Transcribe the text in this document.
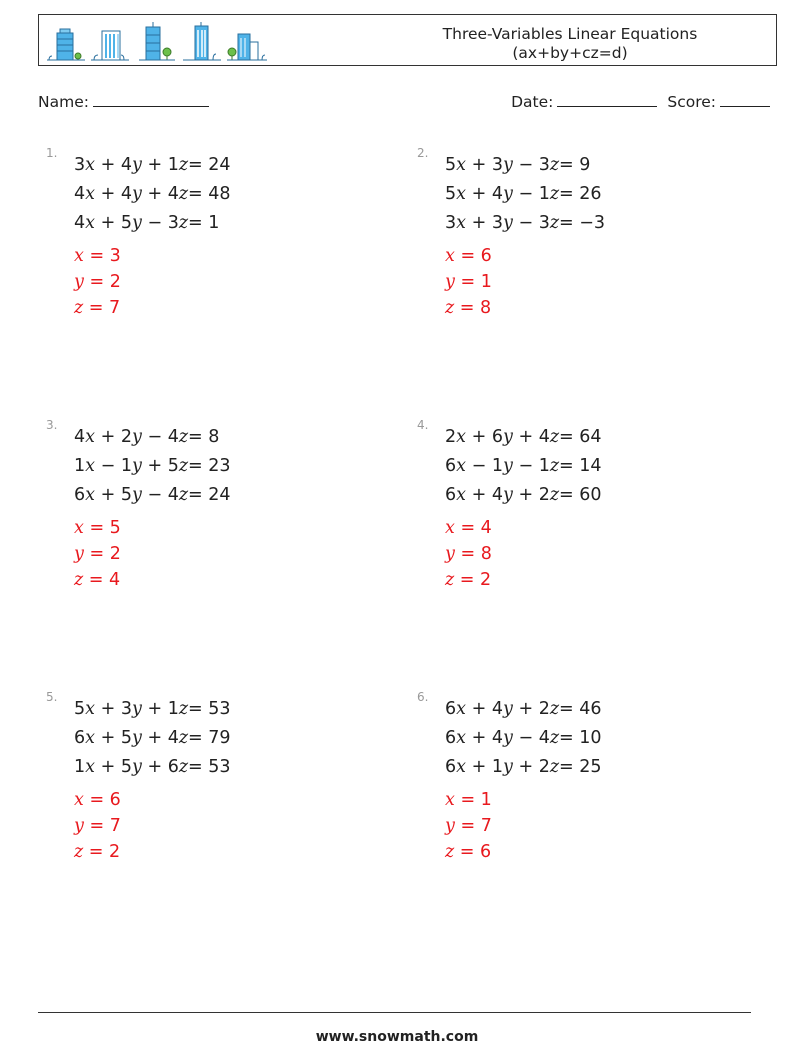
Three-Variables Linear Equations
(ax+by+cz=d)
Name:	Date:	Score:
1.
3x + 4y + 1z= 24
4x + 4y + 4z= 48
4x + 5y − 3z= 1
x = 3
y = 2
z = 7
2.
5x + 3y − 3z= 9
5x + 4y − 1z= 26
3x + 3y − 3z= −3
x = 6
y = 1
z = 8
3.
4x + 2y − 4z= 8
1x − 1y + 5z= 23
6x + 5y − 4z= 24
x = 5
y = 2
z = 4
4.
2x + 6y + 4z= 64
6x − 1y − 1z= 14
6x + 4y + 2z= 60
x = 4
y = 8
z = 2
5.
5x + 3y + 1z= 53
6x + 5y + 4z= 79
1x + 5y + 6z= 53
x = 6
y = 7
z = 2
6.
6x + 4y + 2z= 46
6x + 4y − 4z= 10
6x + 1y + 2z= 25
x = 1
y = 7
z = 6
www.snowmath.com
